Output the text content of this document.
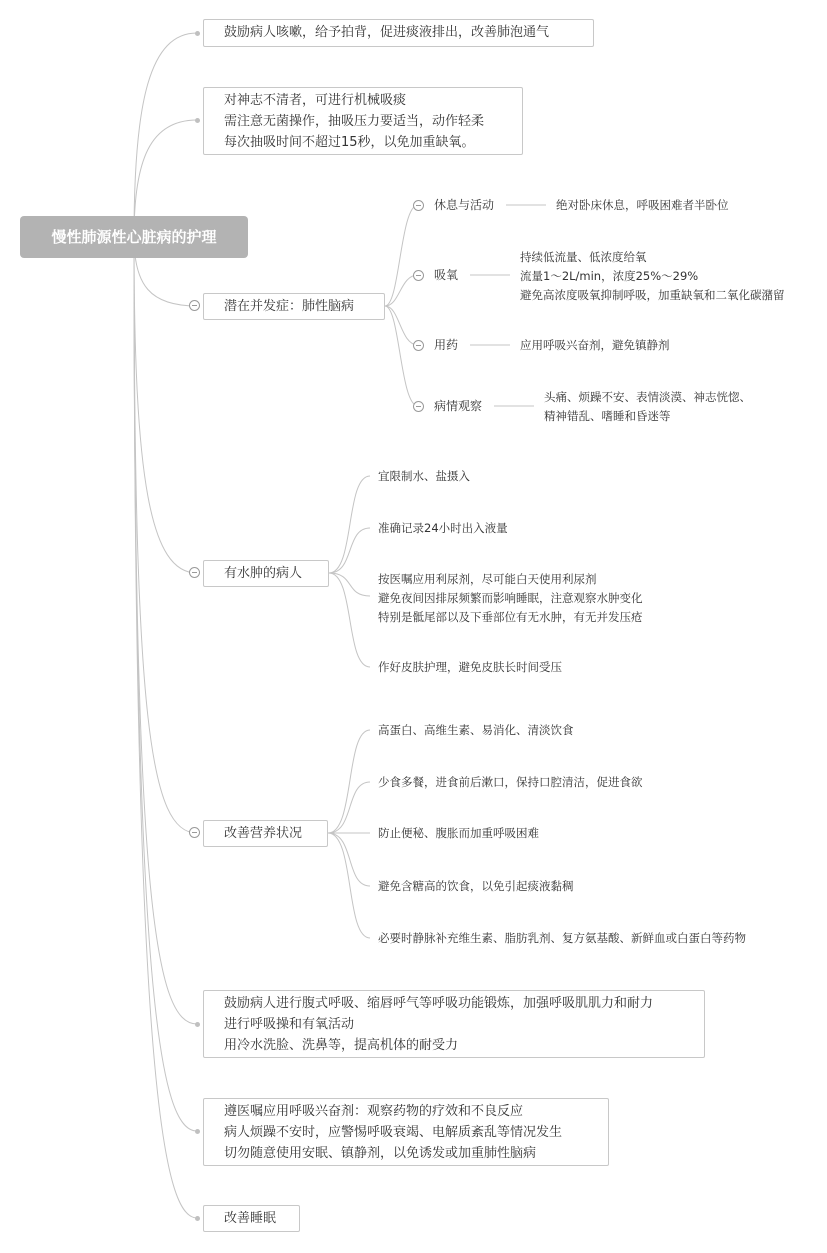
慢性肺源性心脏病的护理
鼓励病人咳嗽，给予拍背，促进痰液排出，改善肺泡通气
对神志不清者，可进行机械吸痰
需注意无菌操作，抽吸压力要适当，动作轻柔
每次抽吸时间不超过15秒，以免加重缺氧。
潜在并发症：肺性脑病
休息与活动	绝对卧床休息，呼吸困难者半卧位
吸氧
持续低流量、低浓度给氧
流量1～2L/min，浓度25%～29%
避免高浓度吸氧抑制呼吸，加重缺氧和二氧化碳潴留
用药	应用呼吸兴奋剂，避免镇静剂
病情观察
头痛、烦躁不安、表情淡漠、神志恍惚、
精神错乱、嗜睡和昏迷等
有水肿的病人
宜限制水、盐摄入
准确记录24小时出入液量
按医嘱应用利尿剂，尽可能白天使用利尿剂
避免夜间因排尿频繁而影响睡眠，注意观察水肿变化
特别是骶尾部以及下垂部位有无水肿，有无并发压疮
作好皮肤护理，避免皮肤长时间受压
改善营养状况
高蛋白、高维生素、易消化、清淡饮食
少食多餐，进食前后漱口，保持口腔清洁，促进食欲
防止便秘、腹胀而加重呼吸困难
避免含糖高的饮食，以免引起痰液黏稠
必要时静脉补充维生素、脂肪乳剂、复方氨基酸、新鲜血或白蛋白等药物
鼓励病人进行腹式呼吸、缩唇呼气等呼吸功能锻炼，加强呼吸肌肌力和耐力
进行呼吸操和有氧活动
用冷水洗脸、洗鼻等，提高机体的耐受力
遵医嘱应用呼吸兴奋剂：观察药物的疗效和不良反应
病人烦躁不安时，应警惕呼吸衰竭、电解质紊乱等情况发生
切勿随意使用安眠、镇静剂，以免诱发或加重肺性脑病
改善睡眠
